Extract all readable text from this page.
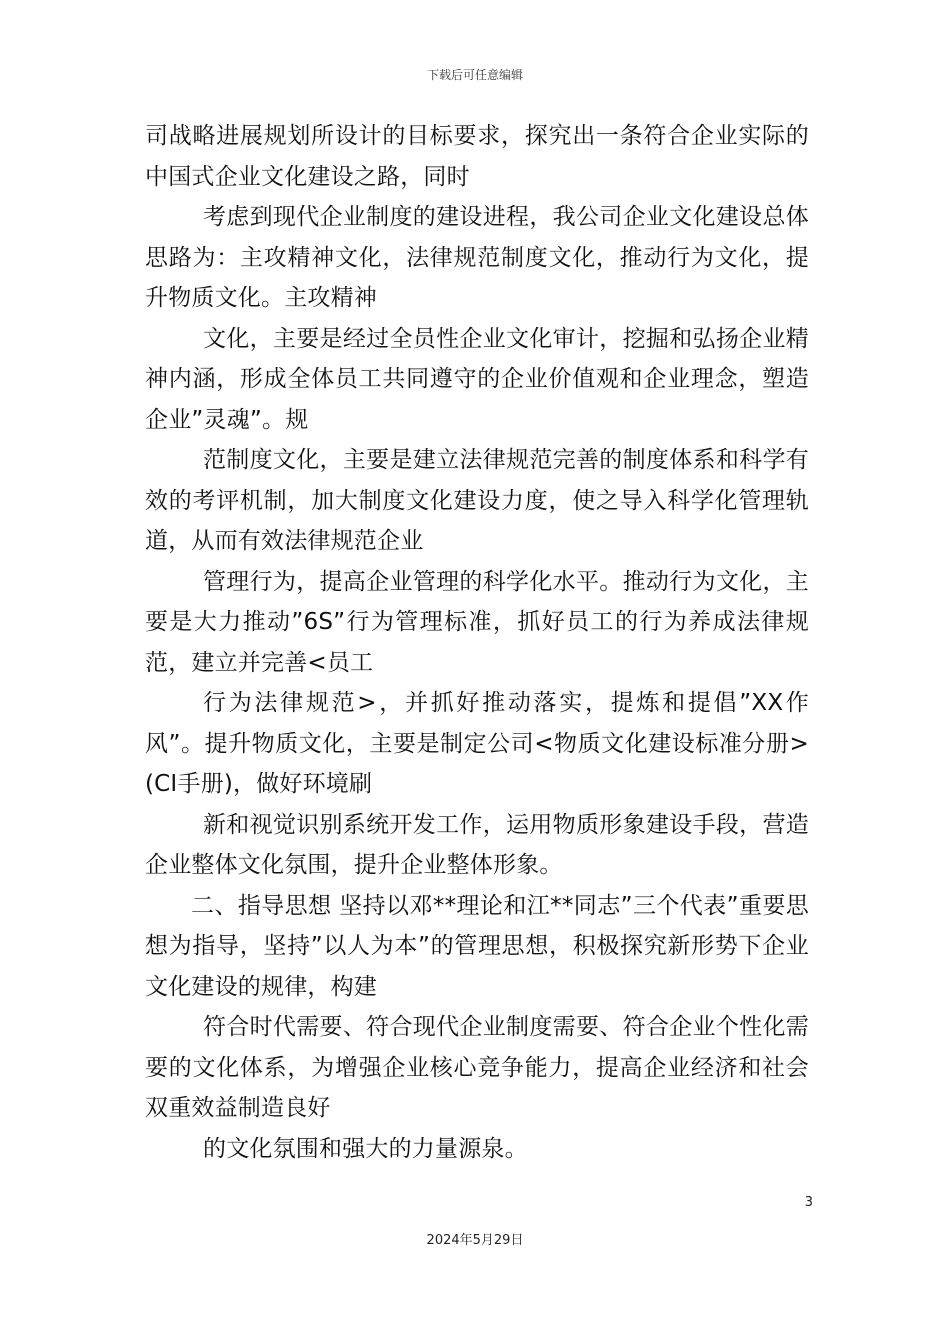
下载后可任意编辑

司战略进展规划所设计的目标要求，探究出一条符合企业实际的中国式企业文化建设之路，同时

考虑到现代企业制度的建设进程，我公司企业文化建设总体思路为：主攻精神文化，法律规范制度文化，推动行为文化，提升物质文化。主攻精神

文化，主要是经过全员性企业文化审计，挖掘和弘扬企业精神内涵，形成全体员工共同遵守的企业价值观和企业理念，塑造企业”灵魂”。规

范制度文化，主要是建立法律规范完善的制度体系和科学有效的考评机制，加大制度文化建设力度，使之导入科学化管理轨道，从而有效法律规范企业

管理行为，提高企业管理的科学化水平。推动行为文化，主要是大力推动”6S”行为管理标准，抓好员工的行为养成法律规范，建立并完善<员工

行为法律规范>，并抓好推动落实，提炼和提倡”XX作风”。提升物质文化，主要是制定公司<物质文化建设标准分册>(CI手册)，做好环境刷

新和视觉识别系统开发工作，运用物质形象建设手段，营造企业整体文化氛围，提升企业整体形象。

二、指导思想 坚持以邓**理论和江**同志”三个代表”重要思想为指导，坚持”以人为本”的管理思想，积极探究新形势下企业文化建设的规律，构建

符合时代需要、符合现代企业制度需要、符合企业个性化需要的文化体系，为增强企业核心竞争能力，提高企业经济和社会双重效益制造良好

的文化氛围和强大的力量源泉。

3
2024年5月29日
